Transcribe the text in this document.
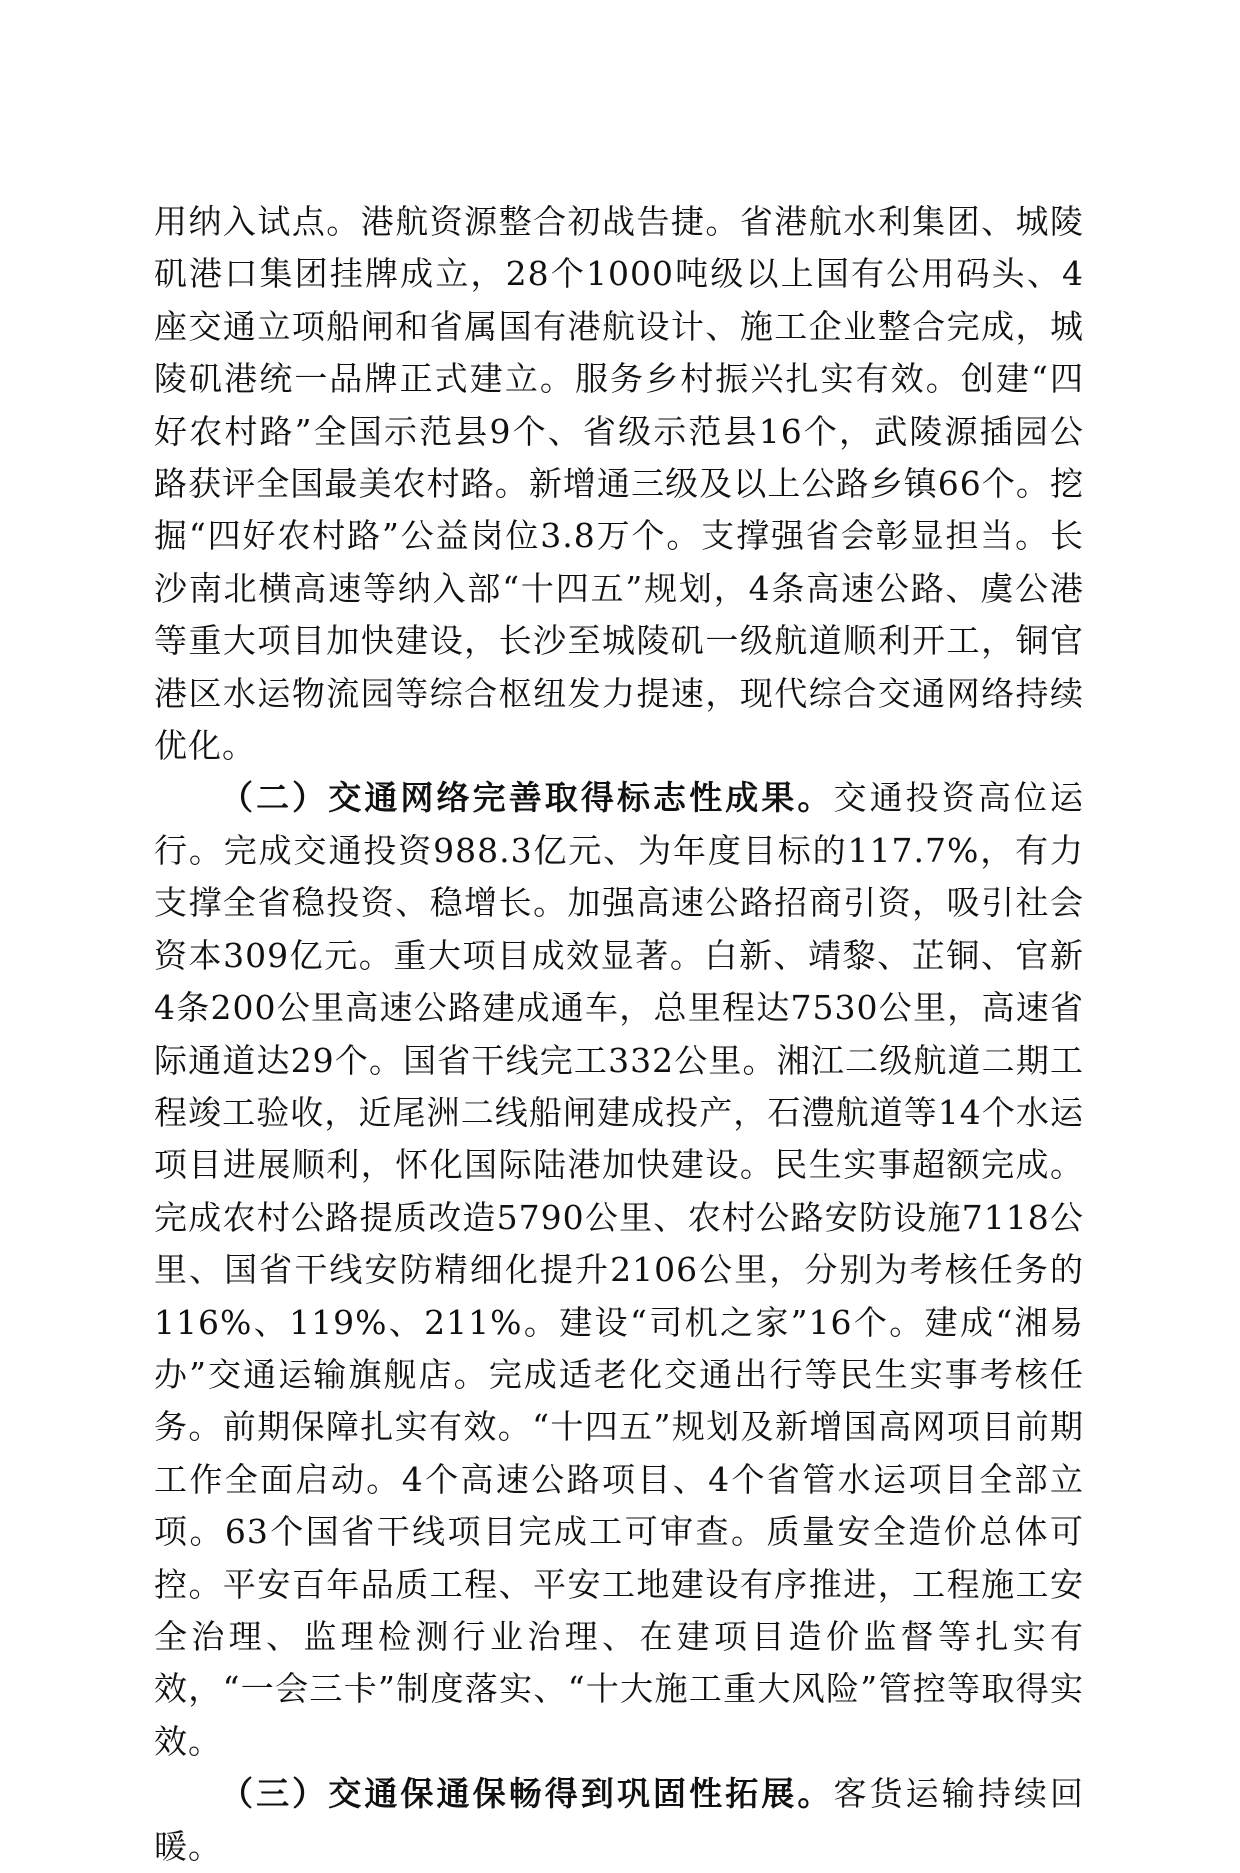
用纳入试点。港航资源整合初战告捷。省港航水利集团、城陵矶港口集团挂牌成立，28个1000吨级以上国有公用码头、4座交通立项船闸和省属国有港航设计、施工企业整合完成，城陵矶港统一品牌正式建立。服务乡村振兴扎实有效。创建“四好农村路”全国示范县9个、省级示范县16个，武陵源插园公路获评全国最美农村路。新增通三级及以上公路乡镇66个。挖掘“四好农村路”公益岗位3.8万个。支撑强省会彰显担当。长沙南北横高速等纳入部“十四五”规划，4条高速公路、虞公港等重大项目加快建设，长沙至城陵矶一级航道顺利开工，铜官港区水运物流园等综合枢纽发力提速，现代综合交通网络持续优化。

（二）交通网络完善取得标志性成果。交通投资高位运行。完成交通投资988.3亿元、为年度目标的117.7%，有力支撑全省稳投资、稳增长。加强高速公路招商引资，吸引社会资本309亿元。重大项目成效显著。白新、靖黎、芷铜、官新4条200公里高速公路建成通车，总里程达7530公里，高速省际通道达29个。国省干线完工332公里。湘江二级航道二期工程竣工验收，近尾洲二线船闸建成投产，石澧航道等14个水运项目进展顺利，怀化国际陆港加快建设。民生实事超额完成。完成农村公路提质改造5790公里、农村公路安防设施7118公里、国省干线安防精细化提升2106公里，分别为考核任务的116%、119%、211%。建设“司机之家”16个。建成“湘易办”交通运输旗舰店。完成适老化交通出行等民生实事考核任务。前期保障扎实有效。“十四五”规划及新增国高网项目前期工作全面启动。4个高速公路项目、4个省管水运项目全部立项。63个国省干线项目完成工可审查。质量安全造价总体可控。平安百年品质工程、平安工地建设有序推进，工程施工安全治理、监理检测行业治理、在建项目造价监督等扎实有效，“一会三卡”制度落实、“十大施工重大风险”管控等取得实效。

（三）交通保通保畅得到巩固性拓展。客货运输持续回暖。
